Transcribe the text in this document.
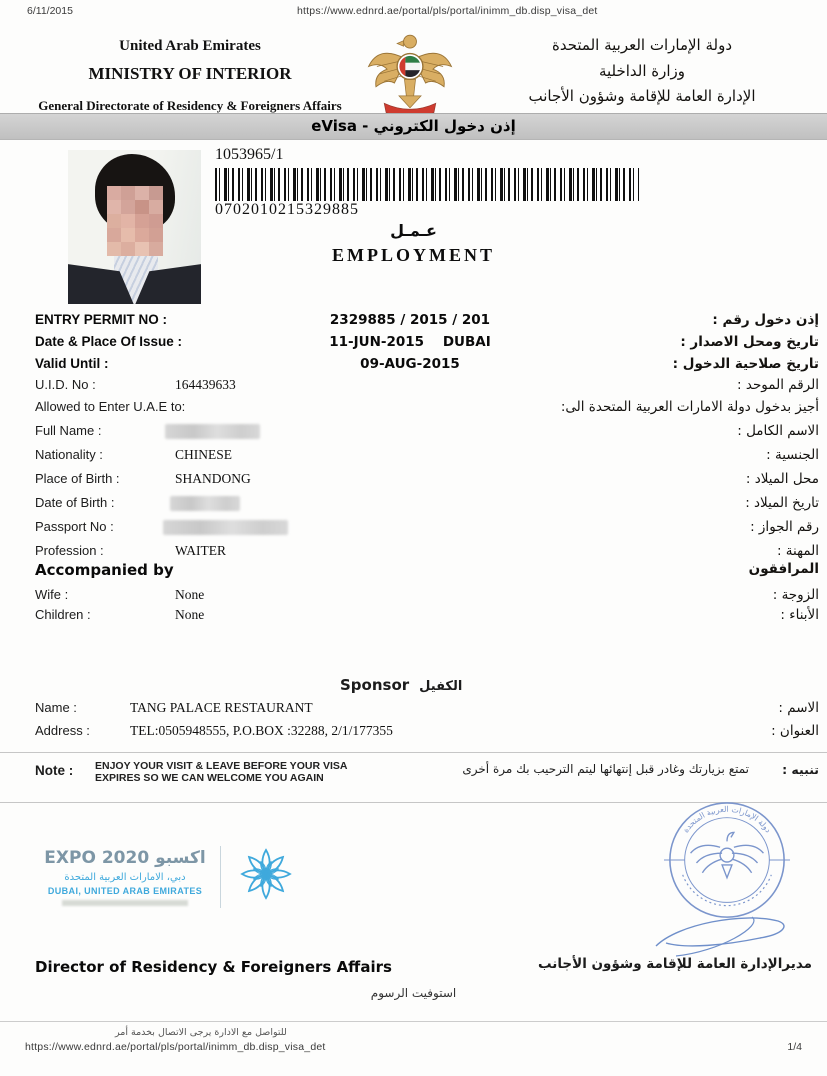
6/11/2015	https://www.ednrd.ae/portal/pls/portal/inimm_db.disp_visa_det
United Arab Emirates
MINISTRY OF INTERIOR
General Directorate of Residency & Foreigners Affairs
دولة الإمارات العربية المتحدة
وزارة الداخلية
الإدارة العامة للإقامة وشؤون الأجانب
eVisa - إذن دخول الكتروني
1053965/1
0702010215329885
عـمـل
EMPLOYMENT
ENTRY PERMIT NO :	2329885 / 2015 / 201	إذن دخول رقم :
Date & Place Of Issue :	11-JUN-2015    DUBAI	تاريخ ومحل الاصدار :
Valid Until :	09-AUG-2015	تاريخ صلاحية الدخول :
U.I.D. No :	164439633	الرقم الموحد :
Allowed to Enter U.A.E to:	أجيز بدخول دولة الامارات العربية المتحدة الى:
Full Name :	الاسم الكامل :
Nationality :	CHINESE	الجنسية :
Place of Birth :	SHANDONG	محل الميلاد :
Date of Birth :	تاريخ الميلاد :
Passport No :	رقم الجواز :
Profession :	WAITER	المهنة :
Accompanied by	المرافقون
Wife :	None	الزوجة :
Children :	None	الأبناء :
Sponsor الكفيل
Name :	TANG PALACE RESTAURANT	الاسم :
Address :	TEL:0505948555, P.O.BOX :32288, 2/1/177355	العنوان :
Note : ENJOY YOUR VISIT & LEAVE BEFORE YOUR VISA
EXPIRES SO WE CAN WELCOME YOU AGAIN
تمتع بزيارتك وغادر قبل إنتهائها ليتم الترحيب بك مرة أخرى	تنبيه :
EXPO 2020 اكسبو
دبي، الامارات العربية المتحدة
DUBAI, UNITED ARAB EMIRATES
دولة الإمارات العربية المتحدة
Director of Residency & Foreigners Affairs	مديرالإدارة العامة للإقامة وشؤون الأجانب
استوفيت الرسوم
للتواصل مع الادارة يرجى الاتصال بخدمة أمر
https://www.ednrd.ae/portal/pls/portal/inimm_db.disp_visa_det	1/4
